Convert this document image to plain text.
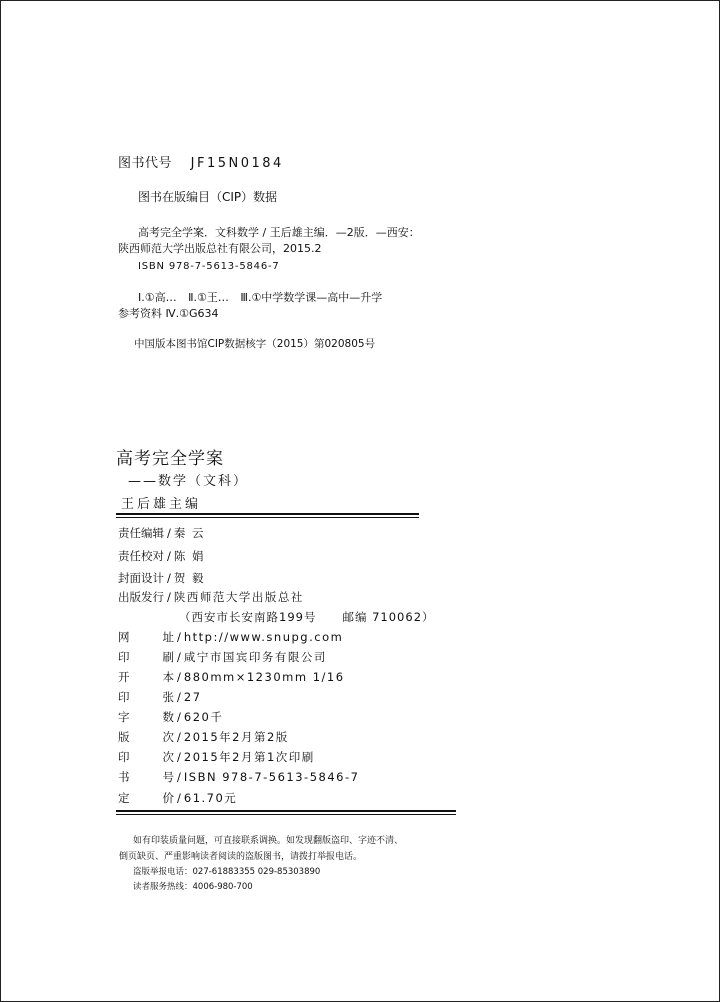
图书代号 JF15N0184
图书在版编目（CIP）数据
高考完全学案．文科数学 / 王后雄主编．—2版．—西安：
陕西师范大学出版总社有限公司，2015.2
ISBN 978-7-5613-5846-7
Ⅰ.①高… Ⅱ.①王… Ⅲ.①中学数学课—高中—升学
参考资料 Ⅳ.①G634
中国版本图书馆CIP数据核字（2015）第020805号
高考完全学案
——数学（文科）
王后雄主编
责任编辑 / 秦 云
责任校对 / 陈 娟
封面设计 / 贺 毅
出版发行 / 陕西师范大学出版总社
（西安市长安南路199号 邮编 710062）
网址 / http://www.snupg.com
印刷 / 咸宁市国宾印务有限公司
开本 / 880mm×1230mm 1/16
印张 / 27
字数 / 620千
版次 / 2015年2月第2版
印次 / 2015年2月第1次印刷
书号 / ISBN 978-7-5613-5846-7
定价 / 61.70元
如有印装质量问题，可直接联系调换。如发现翻版盗印、字迹不清、
倒页缺页、严重影响读者阅读的盗版图书，请拨打举报电话。
盗版举报电话：027-61883355 029-85303890
读者服务热线：4006-980-700
